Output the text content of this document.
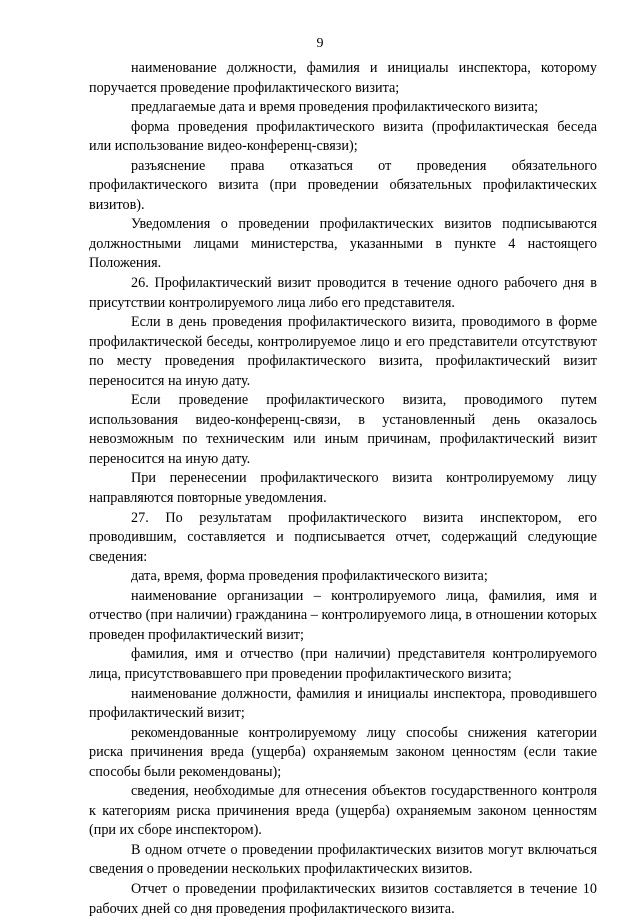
9

наименование должности, фамилия и инициалы инспектора, которому поручается проведение профилактического визита;

предлагаемые дата и время проведения профилактического визита;

форма проведения профилактического визита (профилактическая беседа или использование видео-конференц-связи);

разъяснение права отказаться от проведения обязательного профилактического визита (при проведении обязательных профилактических визитов).

Уведомления о проведении профилактических визитов подписываются должностными лицами министерства, указанными в пункте 4 настоящего Положения.

26. Профилактический визит проводится в течение одного рабочего дня в присутствии контролируемого лица либо его представителя.

Если в день проведения профилактического визита, проводимого в форме профилактической беседы, контролируемое лицо и его представители отсутствуют по месту проведения профилактического визита, профилактический визит переносится на иную дату.

Если проведение профилактического визита, проводимого путем использования видео-конференц-связи, в установленный день оказалось невозможным по техническим или иным причинам, профилактический визит переносится на иную дату.

При перенесении профилактического визита контролируемому лицу направляются повторные уведомления.

27. По результатам профилактического визита инспектором, его проводившим, составляется и подписывается отчет, содержащий следующие сведения:

дата, время, форма проведения профилактического визита;

наименование организации – контролируемого лица, фамилия, имя и отчество (при наличии) гражданина – контролируемого лица, в отношении которых проведен профилактический визит;

фамилия, имя и отчество (при наличии) представителя контролируемого лица, присутствовавшего при проведении профилактического визита;

наименование должности, фамилия и инициалы инспектора, проводившего профилактический визит;

рекомендованные контролируемому лицу способы снижения категории риска причинения вреда (ущерба) охраняемым законом ценностям (если такие способы были рекомендованы);

сведения, необходимые для отнесения объектов государственного контроля к категориям риска причинения вреда (ущерба) охраняемым законом ценностям (при их сборе инспектором).

В одном отчете о проведении профилактических визитов могут включаться сведения о проведении нескольких профилактических визитов.

Отчет о проведении профилактических визитов составляется в течение 10 рабочих дней со дня проведения профилактического визита.
